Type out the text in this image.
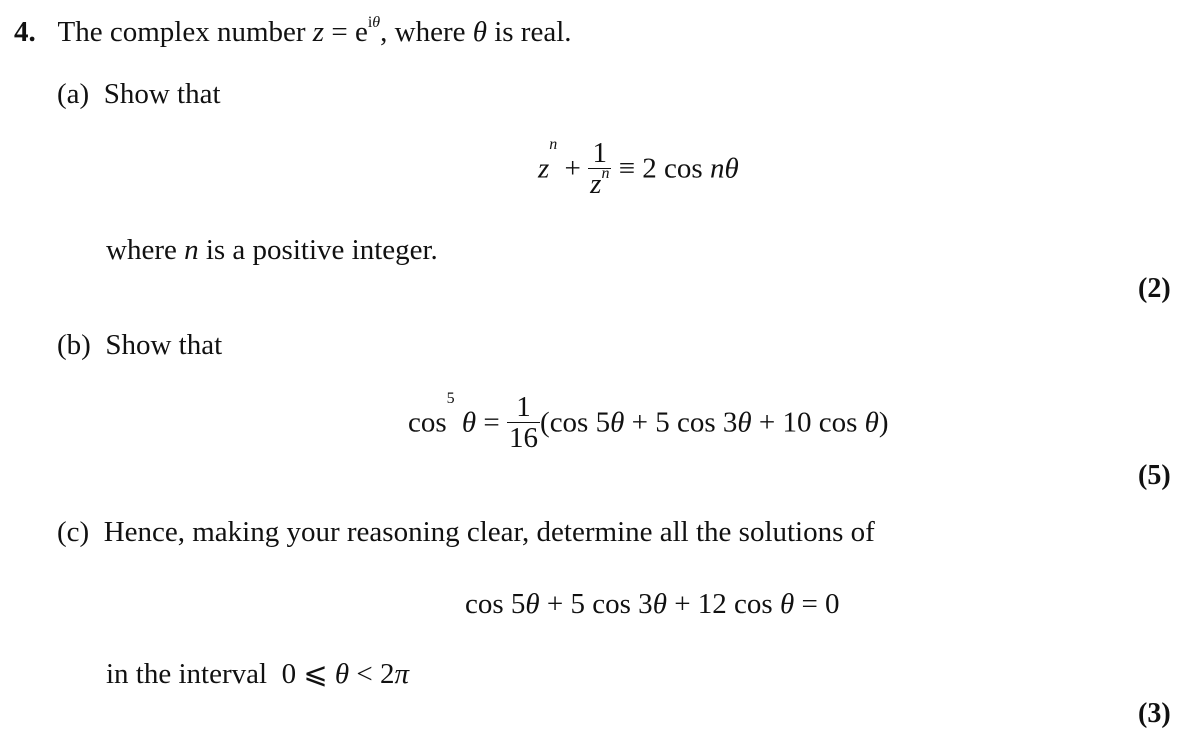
4. The complex number $z = e^{i\theta}$, where θ is real.
(a) Show that
$z^n + \frac{1}{z^n} \equiv 2$ cos nθ
where n is a positive integer.
(2)
(b) Show that
$\cos^5 \theta = \frac{1}{16} (\cos$ 5θ + 5 cos 3θ + 10 cos θ)
(5)
(c) Hence, making your reasoning clear, determine all the solutions of
cos 5θ + 5 cos 3θ + 12 cos θ = 0
in the interval 0 ⩽ θ < 2π
(3)
